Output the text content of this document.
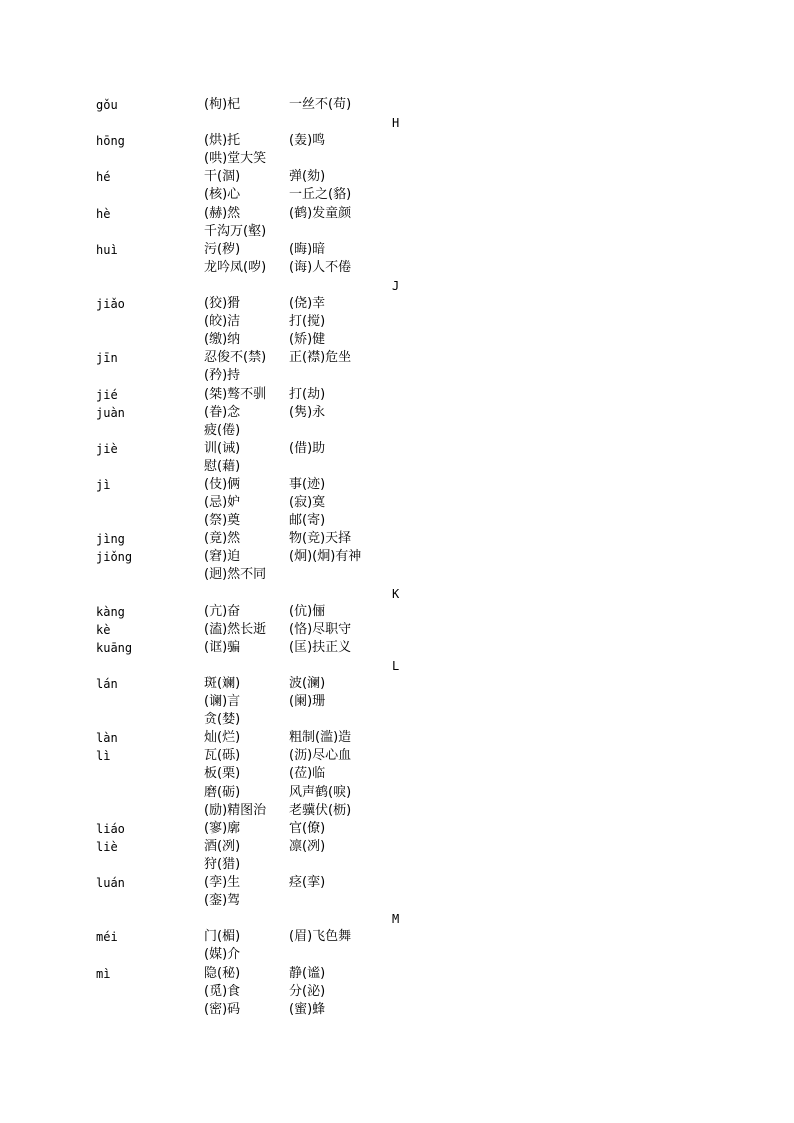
gǒu	(枸)杞	一丝不(苟)
H
hōng	(烘)托	(轰)鸣
(哄)堂大笑
hé	干(涸)	弹(劾)
(核)心	一丘之(貉)
hè	(赫)然	(鹤)发童颜
千沟万(壑)
huì	污(秽)	(晦)暗
龙吟凤(哕) (诲)人不倦
J
jiǎo	(狡)猾	(侥)幸
(皎)洁	打(搅)
(缴)纳	(矫)健
jīn	忍俊不(禁) 正(襟)危坐
(矜)持
jié	(桀)骜不驯 打(劫)
juàn	(眷)念	(隽)永
疲(倦)
jiè	训(诫)	(借)助
慰(藉)
jì	(伎)俩	事(迹)
(忌)妒	(寂)寞
(祭)奠	邮(寄)
jìng	(竟)然	物(竞)天择
jiǒng	(窘)迫	(炯)(炯)有神
(迥)然不同
K
kàng	(亢)奋	(伉)俪
kè	(溘)然长逝 (恪)尽职守
kuāng	(诓)骗	(匡)扶正义
L
lán	斑(斓)	波(澜)
(谰)言	(阑)珊
贪(婪)
làn	灿(烂)	粗制(滥)造
lì	瓦(砾)	(沥)尽心血
板(栗)	(莅)临
磨(砺)	风声鹤(唳)
(励)精图治 老骥伏(枥)
liáo	(寥)廓	官(僚)
liè	酒(冽)	凛(冽)
狩(猎)
luán	(孪)生	痉(挛)
(銮)驾
M
méi	门(楣)	(眉)飞色舞
(媒)介
mì	隐(秘)	静(谧)
(觅)食	分(泌)
(密)码	(蜜)蜂
